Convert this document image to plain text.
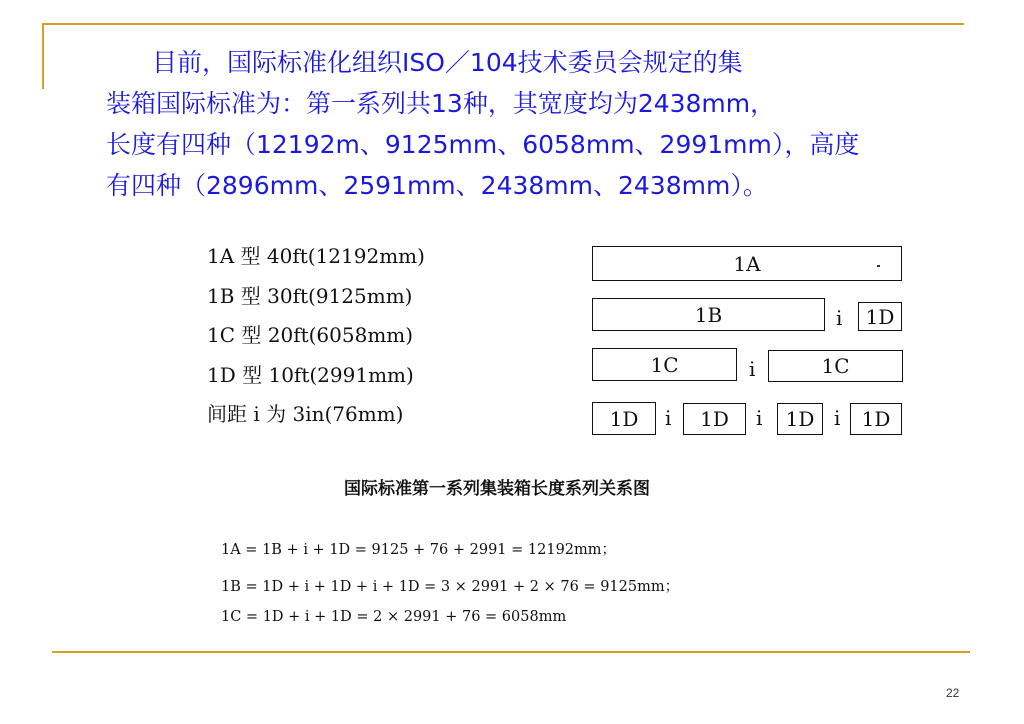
目前，国际标准化组织ISO／104技术委员会规定的集
装箱国际标准为：第一系列共13种，其宽度均为2438mm，
长度有四种（12192m、9125mm、6058mm、2991mm），高度
有四种（2896mm、2591mm、2438mm、2438mm）。
1A 型 40ft(12192mm)
1B 型 30ft(9125mm)
1C 型 20ft(6058mm)
1D 型 10ft(2991mm)
间距 i 为 3in(76mm)
1A
1B	i 1D
1C	i	1C
1D i 1D i 1D i 1D
国际标准第一系列集装箱长度系列关系图
1A = 1B + i + 1D = 9125 + 76 + 2991 = 12192mm；
1B = 1D + i + 1D + i + 1D = 3 × 2991 + 2 × 76 = 9125mm；
1C = 1D + i + 1D = 2 × 2991 + 76 = 6058mm
22
